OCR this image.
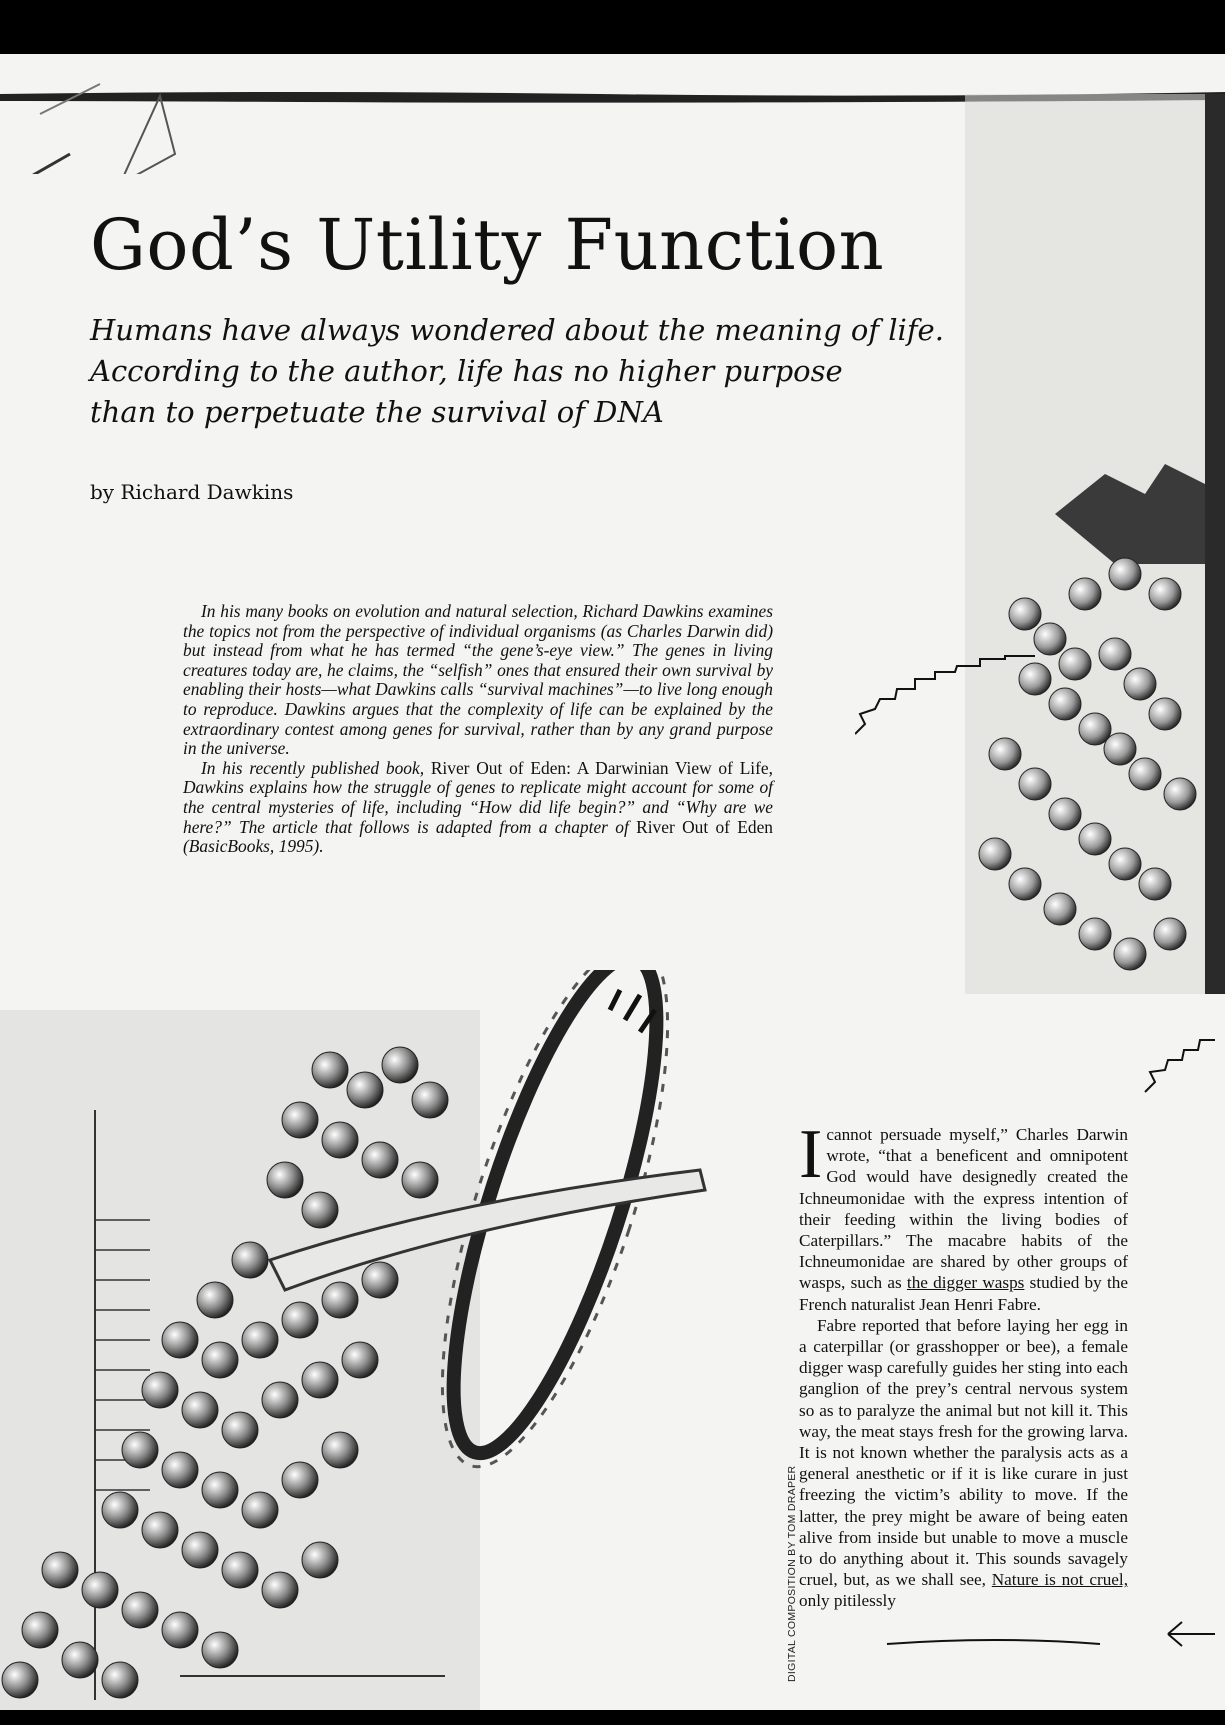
God’s Utility Function
Humans have always wondered about the meaning of life.
According to the author, life has no higher purpose
than to perpetuate the survival of DNA
by Richard Dawkins

In his many books on evolution and natural selection, Richard Dawkins examines the topics not from the perspective of individual organisms (as Charles Darwin did) but instead from what he has termed “the gene’s-eye view.” The genes in living creatures today are, he claims, the “selfish” ones that ensured their own survival by enabling their hosts—what Dawkins calls “survival machines”—to live long enough to reproduce. Dawkins argues that the complexity of life can be explained by the extraordinary contest among genes for survival, rather than by any grand purpose in the universe.

In his recently published book, River Out of Eden: A Darwinian View of Life, Dawkins explains how the struggle of genes to replicate might account for some of the central mysteries of life, including “How did life begin?” and “Why are we here?” The article that follows is adapted from a chapter of River Out of Eden (BasicBooks, 1995).

I cannot persuade myself,” Charles Darwin wrote, “that a beneficent and omnipotent God would have designedly created the Ichneumonidae with the express intention of their feeding within the living bodies of Caterpillars.” The macabre habits of the Ichneumonidae are shared by other groups of wasps, such as the digger wasps studied by the French naturalist Jean Henri Fabre.

Fabre reported that before laying her egg in a caterpillar (or grasshopper or bee), a female digger wasp carefully guides her sting into each ganglion of the prey’s central nervous system so as to paralyze the animal but not kill it. This way, the meat stays fresh for the growing larva. It is not known whether the paralysis acts as a general anesthetic or if it is like curare in just freezing the victim’s ability to move. If the latter, the prey might be aware of being eaten alive from inside but unable to move a muscle to do anything about it. This sounds savagely cruel, but, as we shall see, Nature is not cruel, only pitilessly

DIGITAL COMPOSITION BY TOM DRAPER
